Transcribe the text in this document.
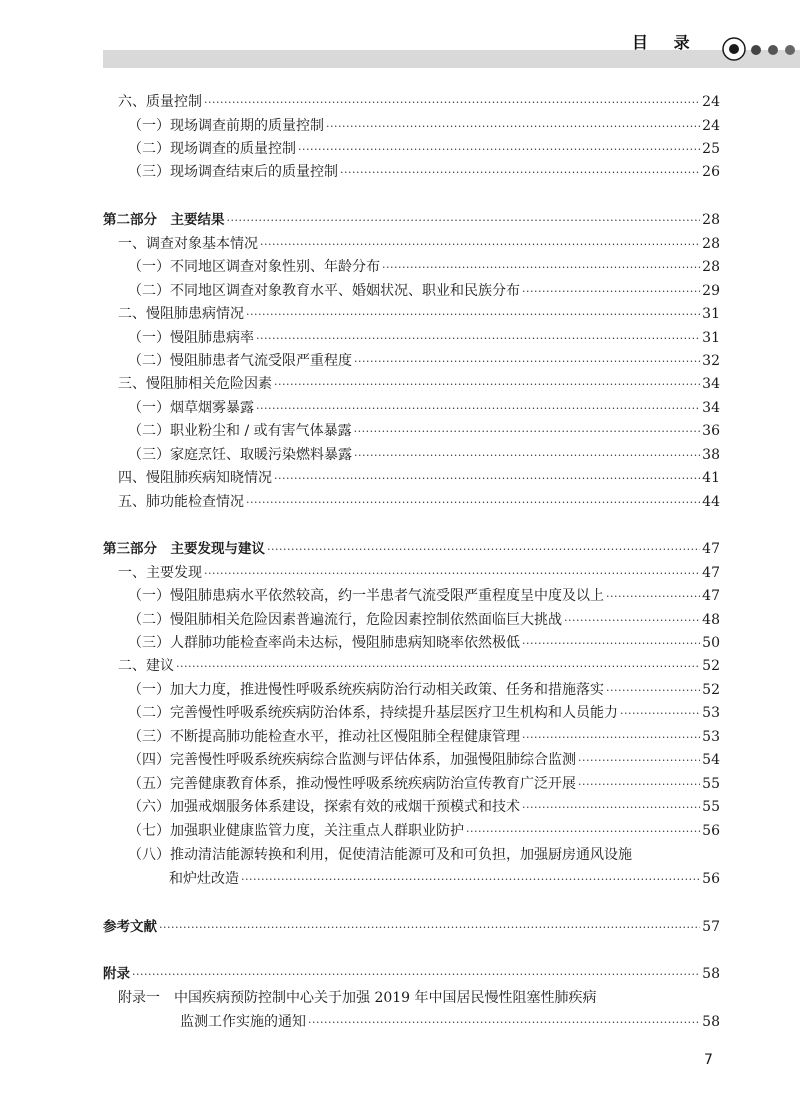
目 录
六、质量控制 ·····	24
（一）现场调查前期的质量控制 ·····	24
（二）现场调查的质量控制 ·····	25
（三）现场调查结束后的质量控制 ·····	26
第二部分　主要结果 ·····	28
一、调查对象基本情况 ·····	28
（一）不同地区调查对象性别、年龄分布 ·····	28
（二）不同地区调查对象教育水平、婚姻状况、职业和民族分布 ·····	29
二、慢阻肺患病情况 ·····	31
（一）慢阻肺患病率 ·····	31
（二）慢阻肺患者气流受限严重程度 ·····	32
三、慢阻肺相关危险因素 ·····	34
（一）烟草烟雾暴露 ·····	34
（二）职业粉尘和 / 或有害气体暴露 ·····	36
（三）家庭烹饪、取暖污染燃料暴露 ·····	38
四、慢阻肺疾病知晓情况 ·····	41
五、肺功能检查情况 ·····	44
第三部分　主要发现与建议 ·····	47
一、主要发现 ·····	47
（一）慢阻肺患病水平依然较高，约一半患者气流受限严重程度呈中度及以上 ·····	47
（二）慢阻肺相关危险因素普遍流行，危险因素控制依然面临巨大挑战 ·····	48
（三）人群肺功能检查率尚未达标，慢阻肺患病知晓率依然极低 ·····	50
二、建议 ·····	52
（一）加大力度，推进慢性呼吸系统疾病防治行动相关政策、任务和措施落实 ·····	52
（二）完善慢性呼吸系统疾病防治体系，持续提升基层医疗卫生机构和人员能力 ·····	53
（三）不断提高肺功能检查水平，推动社区慢阻肺全程健康管理 ·····	53
（四）完善慢性呼吸系统疾病综合监测与评估体系，加强慢阻肺综合监测 ·····	54
（五）完善健康教育体系，推动慢性呼吸系统疾病防治宣传教育广泛开展 ·····	55
（六）加强戒烟服务体系建设，探索有效的戒烟干预模式和技术 ·····	55
（七）加强职业健康监管力度，关注重点人群职业防护 ·····	56
（八）推动清洁能源转换和利用，促使清洁能源可及和可负担，加强厨房通风设施
和炉灶改造 ·····	56
参考文献 ·····	57
附录 ·····	58
附录一　中国疾病预防控制中心关于加强 2019 年中国居民慢性阻塞性肺疾病
监测工作实施的通知 ·····	58
7
